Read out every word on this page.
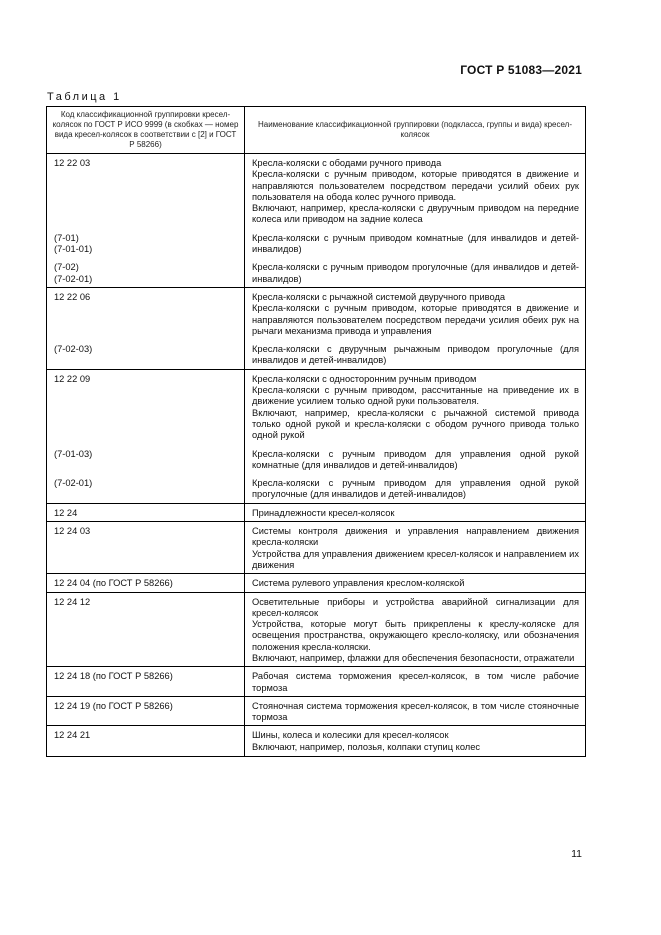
ГОСТ Р 51083—2021
Таблица 1
Код классификационной группировки кресел-колясок по ГОСТ Р ИСО 9999 (в скобках — номер вида кресел-колясок в соответствии с [2] и ГОСТ Р 58266)	Наименование классификационной группировки (подкласса, группы и вида) кресел-колясок

12 22 03	Кресла-коляски с ободами ручного привода
Кресла-коляски с ручным приводом, которые приводятся в движение и направляются пользователем посредством передачи усилий обеих рук пользователя на обода колес ручного привода.
Включают, например, кресла-коляски с двуручным приводом на передние колеса или приводом на задние колеса

(7-01)
(7-01-01)	Кресла-коляски с ручным приводом комнатные (для инвалидов и детей-инвалидов)

(7-02)
(7-02-01)	Кресла-коляски с ручным приводом прогулочные (для инвалидов и детей-инвалидов)

12 22 06	Кресла-коляски с рычажной системой двуручного привода
Кресла-коляски с ручным приводом, которые приводятся в движение и направляются пользователем посредством передачи усилия обеих рук на рычаги механизма привода и управления

(7-02-03)	Кресла-коляски с двуручным рычажным приводом прогулочные (для инвалидов и детей-инвалидов)

12 22 09	Кресла-коляски с односторонним ручным приводом
Кресла-коляски с ручным приводом, рассчитанные на приведение их в движение усилием только одной руки пользователя.
Включают, например, кресла-коляски с рычажной системой привода только одной рукой и кресла-коляски с ободом ручного привода только одной рукой

(7-01-03)	Кресла-коляски с ручным приводом для управления одной рукой комнатные (для инвалидов и детей-инвалидов)

(7-02-01)	Кресла-коляски с ручным приводом для управления одной рукой прогулочные (для инвалидов и детей-инвалидов)

12 24	Принадлежности кресел-колясок

12 24 03	Системы контроля движения и управления направлением движения кресла-коляски
Устройства для управления движением кресел-колясок и направлением их движения

12 24 04 (по ГОСТ Р 58266)	Система рулевого управления креслом-коляской

12 24 12	Осветительные приборы и устройства аварийной сигнализации для кресел-колясок
Устройства, которые могут быть прикреплены к креслу-коляске для освещения пространства, окружающего кресло-коляску, или обозначения положения кресла-коляски.
Включают, например, флажки для обеспечения безопасности, отражатели

12 24 18 (по ГОСТ Р 58266)	Рабочая система торможения кресел-колясок, в том числе рабочие тормоза

12 24 19 (по ГОСТ Р 58266)	Стояночная система торможения кресел-колясок, в том числе стояночные тормоза

12 24 21	Шины, колеса и колесики для кресел-колясок
Включают, например, полозья, колпаки ступиц колес
11
